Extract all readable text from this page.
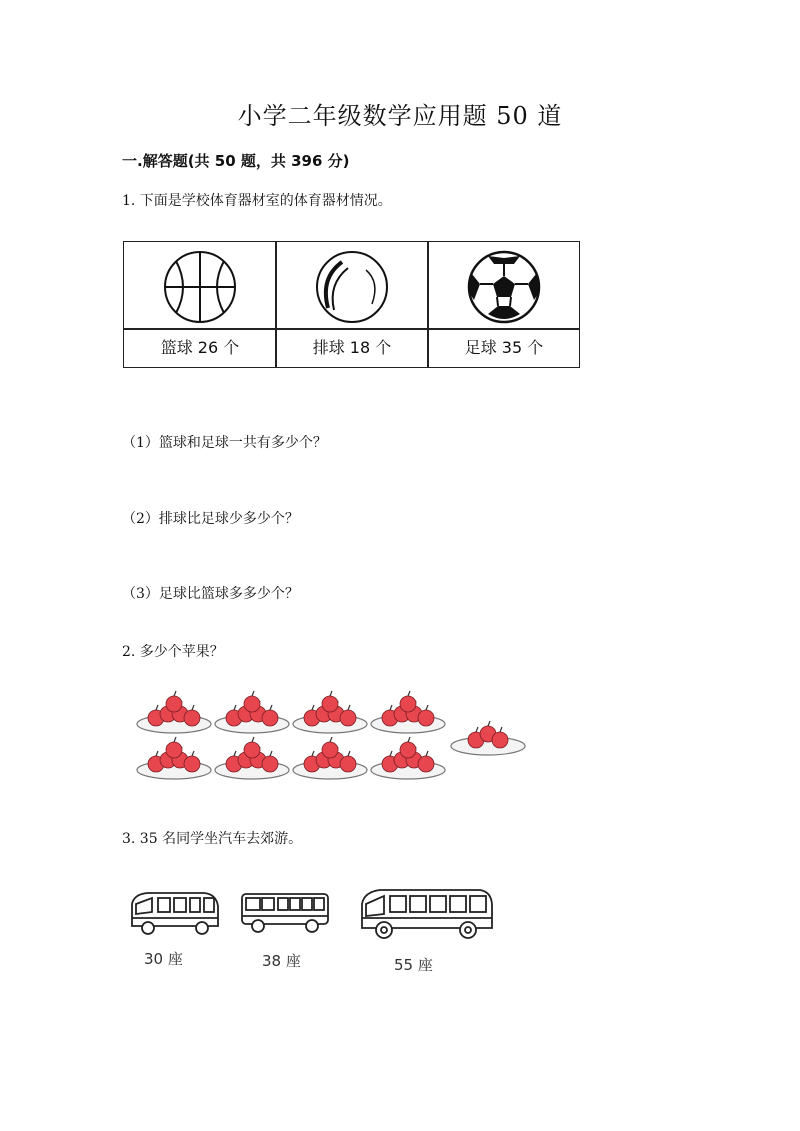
小学二年级数学应用题 50 道
一.解答题(共 50 题，共 396 分)
1. 下面是学校体育器材室的体育器材情况。
篮球 26 个	排球 18 个	足球 35 个
（1）篮球和足球一共有多少个？
（2）排球比足球少多少个？
（3）足球比篮球多多少个？
2. 多少个苹果？
3. 35 名同学坐汽车去郊游。
30 座	38 座	55 座
